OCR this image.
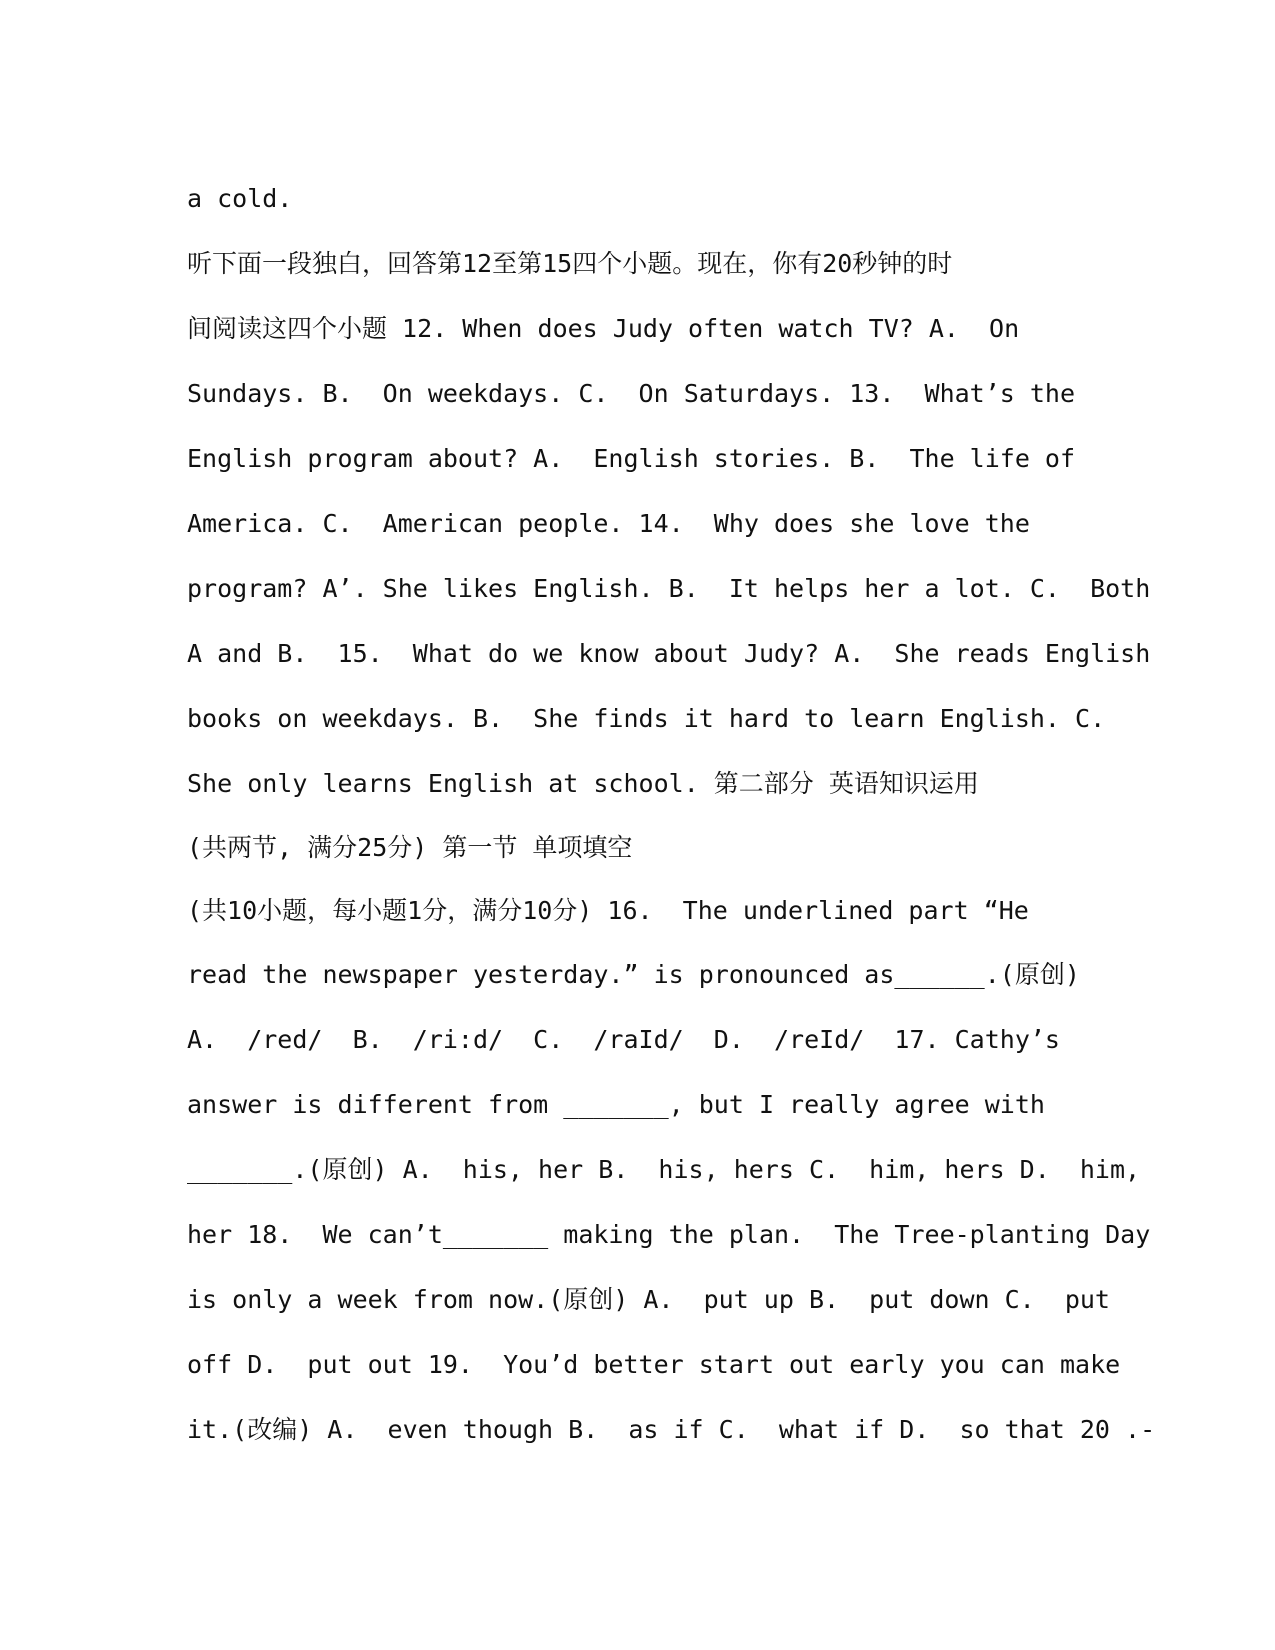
a cold.
听下面一段独白，回答第12至第15四个小题。现在，你有20秒钟的时
间阅读这四个小题 12. When does Judy often watch TV? A.  On
Sundays. B.  On weekdays. C.  On Saturdays. 13.  What’s the
English program about? A.  English stories. B.  The life of
America. C.  American people. 14.  Why does she love the
program? A’. She likes English. B.  It helps her a lot. C.  Both
A and B.  15.  What do we know about Judy? A.  She reads English
books on weekdays. B.  She finds it hard to learn English. C.
She only learns English at school. 第二部分 英语知识运用
(共两节, 满分25分) 第一节 单项填空
(共10小题，每小题1分，满分10分) 16.  The underlined part “He
read the newspaper yesterday.” is pronounced as______.(原创)
A.  /red/  B.  /ri:d/  C.  /raId/  D.  /reId/  17. Cathy’s
answer is different from _______, but I really agree with
_______.(原创) A.  his, her B.  his, hers C.  him, hers D.  him,
her 18.  We can’t_______ making the plan.  The Tree-planting Day
is only a week from now.(原创) A.  put up B.  put down C.  put
off D.  put out 19.  You’d better start out early you can make
it.(改编) A.  even though B.  as if C.  what if D.  so that 20 .-
